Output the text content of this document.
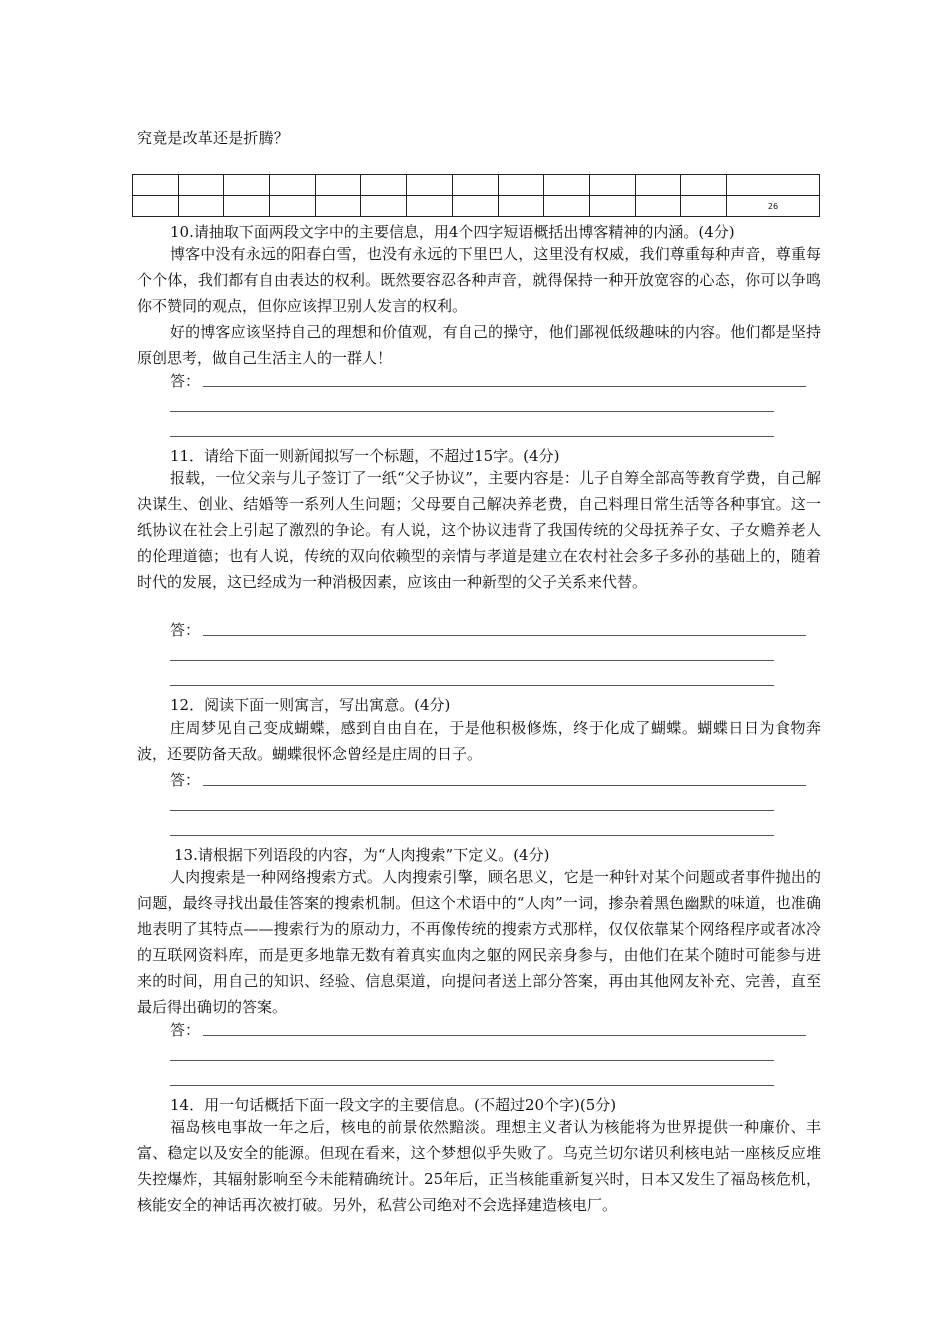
究竟是改革还是折腾？

													26
10.请抽取下面两段文字中的主要信息，用4个四字短语概括出博客精神的内涵。(4分)
博客中没有永远的阳春白雪，也没有永远的下里巴人，这里没有权威，我们尊重每种声音，尊重每个个体，我们都有自由表达的权利。既然要容忍各种声音，就得保持一种开放宽容的心态，你可以争鸣你不赞同的观点，但你应该捍卫别人发言的权利。
好的博客应该坚持自己的理想和价值观，有自己的操守，他们鄙视低级趣味的内容。他们都是坚持原创思考，做自己生活主人的一群人！
答：
11．请给下面一则新闻拟写一个标题，不超过15字。(4分)
报载，一位父亲与儿子签订了一纸“父子协议”，主要内容是：儿子自筹全部高等教育学费，自己解决谋生、创业、结婚等一系列人生问题；父母要自己解决养老费，自己料理日常生活等各种事宜。这一纸协议在社会上引起了激烈的争论。有人说，这个协议违背了我国传统的父母抚养子女、子女赡养老人的伦理道德；也有人说，传统的双向依赖型的亲情与孝道是建立在农村社会多子多孙的基础上的，随着时代的发展，这已经成为一种消极因素，应该由一种新型的父子关系来代替。
答：
12．阅读下面一则寓言，写出寓意。(4分)
庄周梦见自己变成蝴蝶，感到自由自在，于是他积极修炼，终于化成了蝴蝶。蝴蝶日日为食物奔波，还要防备天敌。蝴蝶很怀念曾经是庄周的日子。
答：
13.请根据下列语段的内容，为“人肉搜索”下定义。(4分)
人肉搜索是一种网络搜索方式。人肉搜索引擎，顾名思义，它是一种针对某个问题或者事件抛出的问题，最终寻找出最佳答案的搜索机制。但这个术语中的“人肉”一词，掺杂着黑色幽默的味道，也准确地表明了其特点——搜索行为的原动力，不再像传统的搜索方式那样，仅仅依靠某个网络程序或者冰冷的互联网资料库，而是更多地靠无数有着真实血肉之躯的网民亲身参与，由他们在某个随时可能参与进来的时间，用自己的知识、经验、信息渠道，向提问者送上部分答案，再由其他网友补充、完善，直至最后得出确切的答案。
答：
14．用一句话概括下面一段文字的主要信息。(不超过20个字)(5分)
福岛核电事故一年之后，核电的前景依然黯淡。理想主义者认为核能将为世界提供一种廉价、丰富、稳定以及安全的能源。但现在看来，这个梦想似乎失败了。乌克兰切尔诺贝利核电站一座核反应堆失控爆炸，其辐射影响至今未能精确统计。25年后，正当核能重新复兴时，日本又发生了福岛核危机，核能安全的神话再次被打破。另外，私营公司绝对不会选择建造核电厂。
